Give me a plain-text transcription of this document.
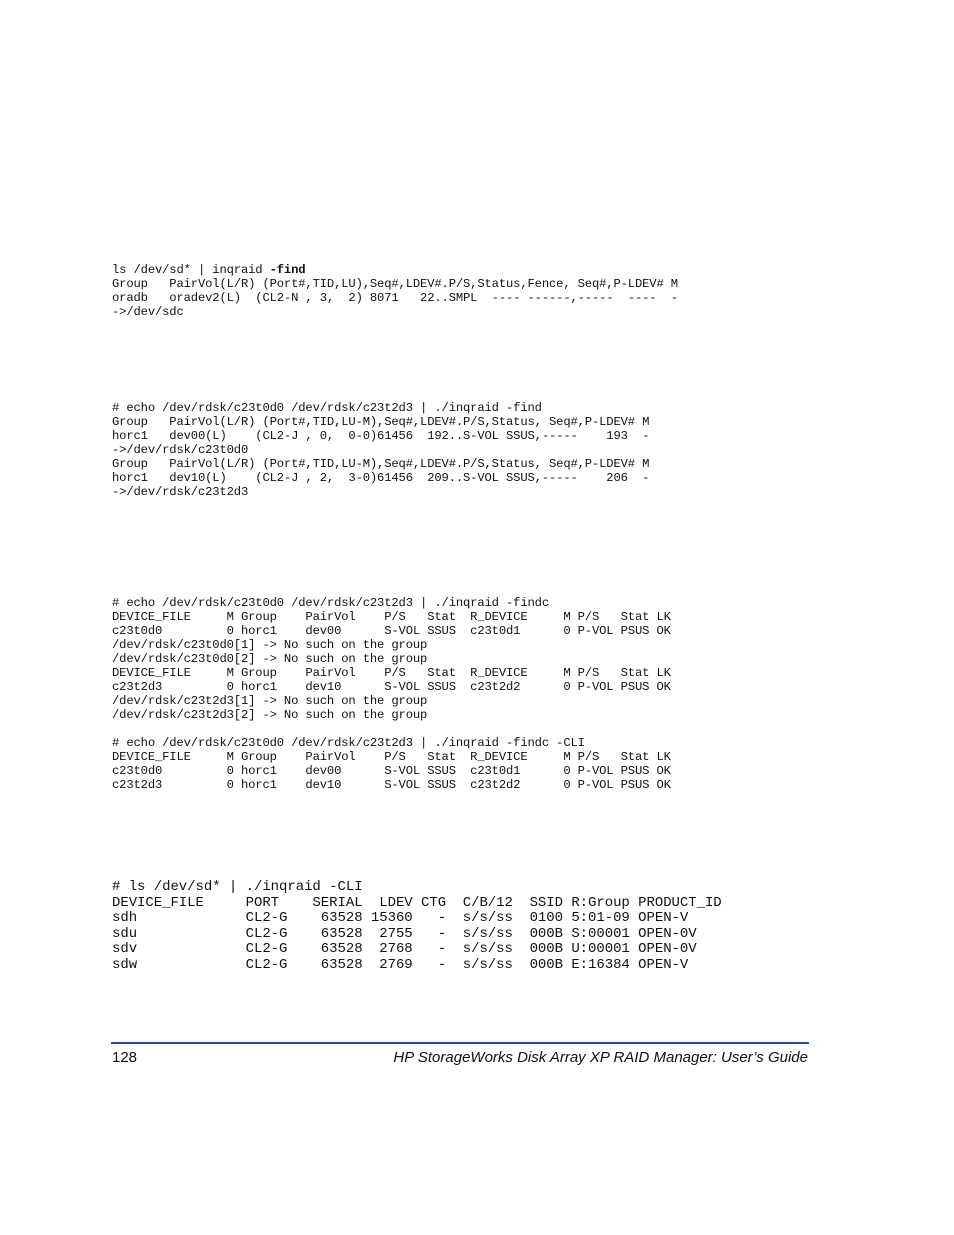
ls /dev/sd* | inqraid -find
Group   PairVol(L/R) (Port#,TID,LU),Seq#,LDEV#.P/S,Status,Fence, Seq#,P-LDEV# M
oradb   oradev2(L)  (CL2-N , 3,  2) 8071   22..SMPL  ---- ------,-----  ----  -
->/dev/sdc
# echo /dev/rdsk/c23t0d0 /dev/rdsk/c23t2d3 | ./inqraid -find
Group   PairVol(L/R) (Port#,TID,LU-M),Seq#,LDEV#.P/S,Status, Seq#,P-LDEV# M
horc1   dev00(L)    (CL2-J , 0,  0-0)61456  192..S-VOL SSUS,-----    193  -
->/dev/rdsk/c23t0d0
Group   PairVol(L/R) (Port#,TID,LU-M),Seq#,LDEV#.P/S,Status, Seq#,P-LDEV# M
horc1   dev10(L)    (CL2-J , 2,  3-0)61456  209..S-VOL SSUS,-----    206  -
->/dev/rdsk/c23t2d3
# echo /dev/rdsk/c23t0d0 /dev/rdsk/c23t2d3 | ./inqraid -findc
DEVICE_FILE     M Group    PairVol    P/S   Stat  R_DEVICE     M P/S   Stat LK
c23t0d0         0 horc1    dev00      S-VOL SSUS  c23t0d1      0 P-VOL PSUS OK
/dev/rdsk/c23t0d0[1] -> No such on the group
/dev/rdsk/c23t0d0[2] -> No such on the group
DEVICE_FILE     M Group    PairVol    P/S   Stat  R_DEVICE     M P/S   Stat LK
c23t2d3         0 horc1    dev10      S-VOL SSUS  c23t2d2      0 P-VOL PSUS OK
/dev/rdsk/c23t2d3[1] -> No such on the group
/dev/rdsk/c23t2d3[2] -> No such on the group

# echo /dev/rdsk/c23t0d0 /dev/rdsk/c23t2d3 | ./inqraid -findc -CLI
DEVICE_FILE     M Group    PairVol    P/S   Stat  R_DEVICE     M P/S   Stat LK
c23t0d0         0 horc1    dev00      S-VOL SSUS  c23t0d1      0 P-VOL PSUS OK
c23t2d3         0 horc1    dev10      S-VOL SSUS  c23t2d2      0 P-VOL PSUS OK
# ls /dev/sd* | ./inqraid -CLI
DEVICE_FILE     PORT    SERIAL  LDEV CTG  C/B/12  SSID R:Group PRODUCT_ID
sdh             CL2-G    63528 15360   -  s/s/ss  0100 5:01-09 OPEN-V
sdu             CL2-G    63528  2755   -  s/s/ss  000B S:00001 OPEN-0V
sdv             CL2-G    63528  2768   -  s/s/ss  000B U:00001 OPEN-0V
sdw             CL2-G    63528  2769   -  s/s/ss  000B E:16384 OPEN-V
128	HP StorageWorks Disk Array XP RAID Manager: User’s Guide
